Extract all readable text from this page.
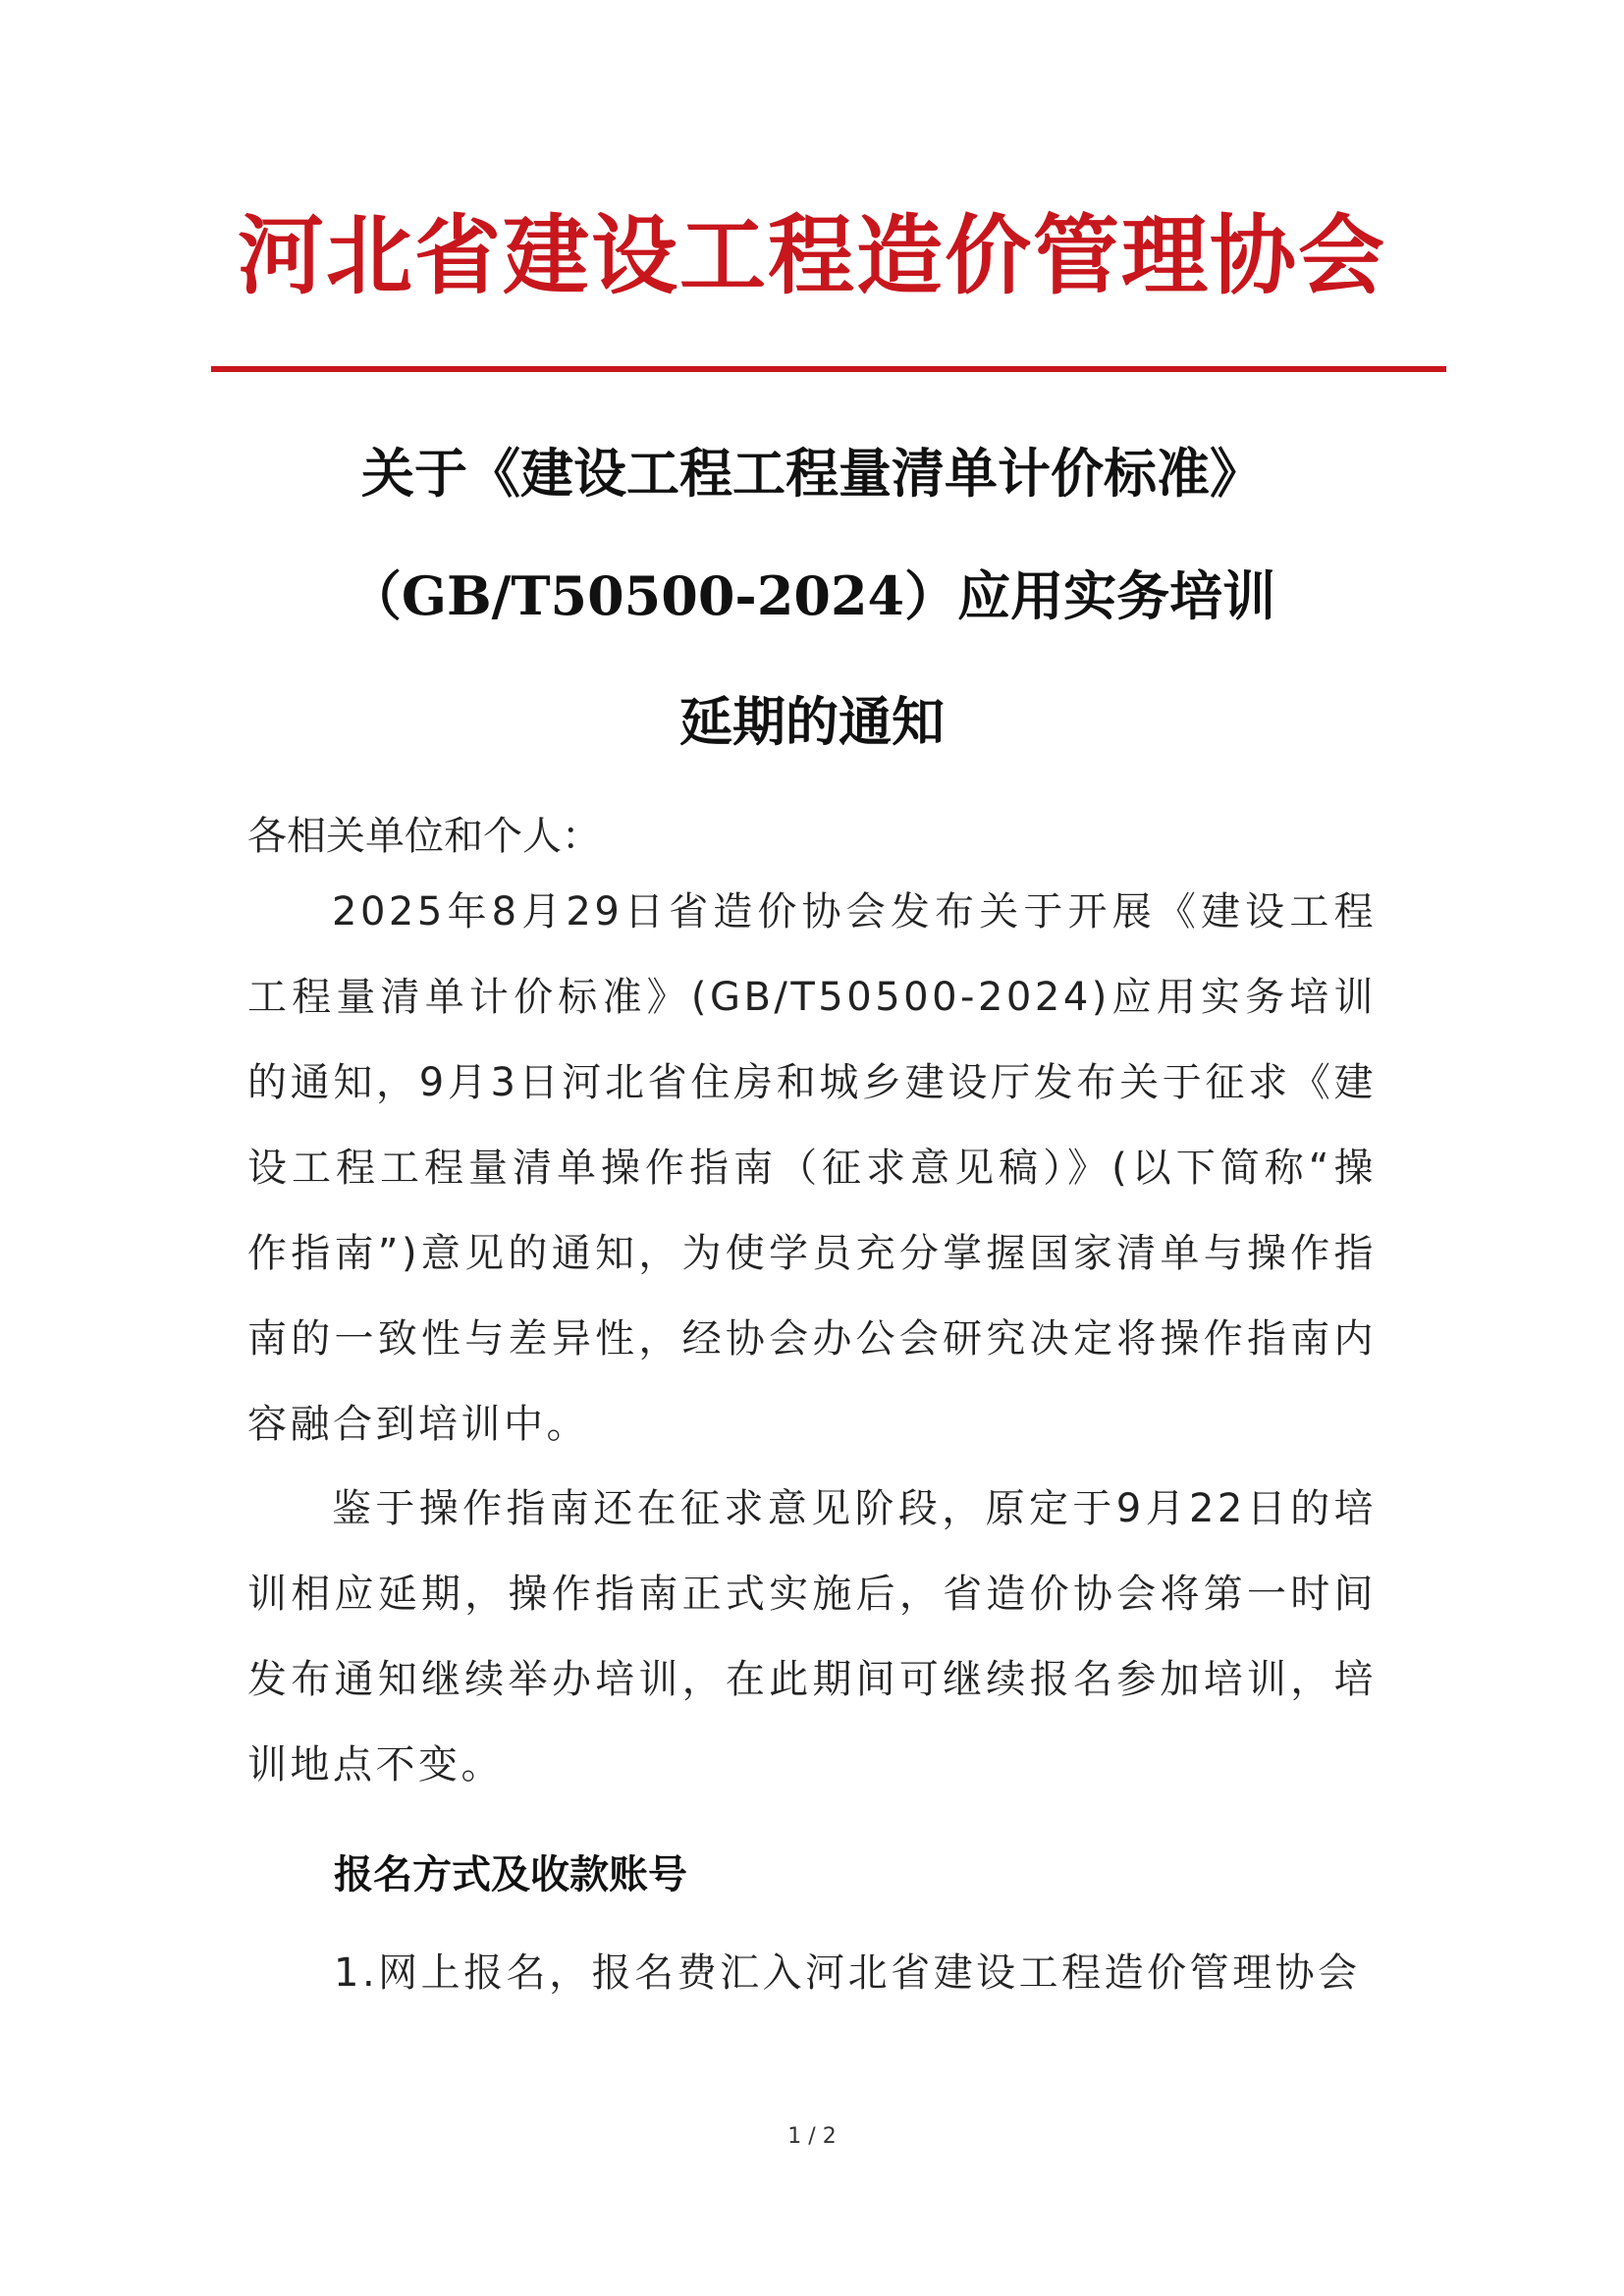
河北省建设工程造价管理协会
关于《建设工程工程量清单计价标准》
（GB/T50500-2024）应用实务培训
延期的通知
各相关单位和个人：
2025年8月29日省造价协会发布关于开展《建设工程工程量清单计价标准》(GB/T50500-2024)应用实务培训的通知，9月3日河北省住房和城乡建设厅发布关于征求《建设工程工程量清单操作指南（征求意见稿）》(以下简称“操作指南”)意见的通知，为使学员充分掌握国家清单与操作指南的一致性与差异性，经协会办公会研究决定将操作指南内容融合到培训中。
鉴于操作指南还在征求意见阶段，原定于9月22日的培训相应延期，操作指南正式实施后，省造价协会将第一时间发布通知继续举办培训，在此期间可继续报名参加培训，培训地点不变。
报名方式及收款账号
1.网上报名，报名费汇入河北省建设工程造价管理协会
1 / 2
